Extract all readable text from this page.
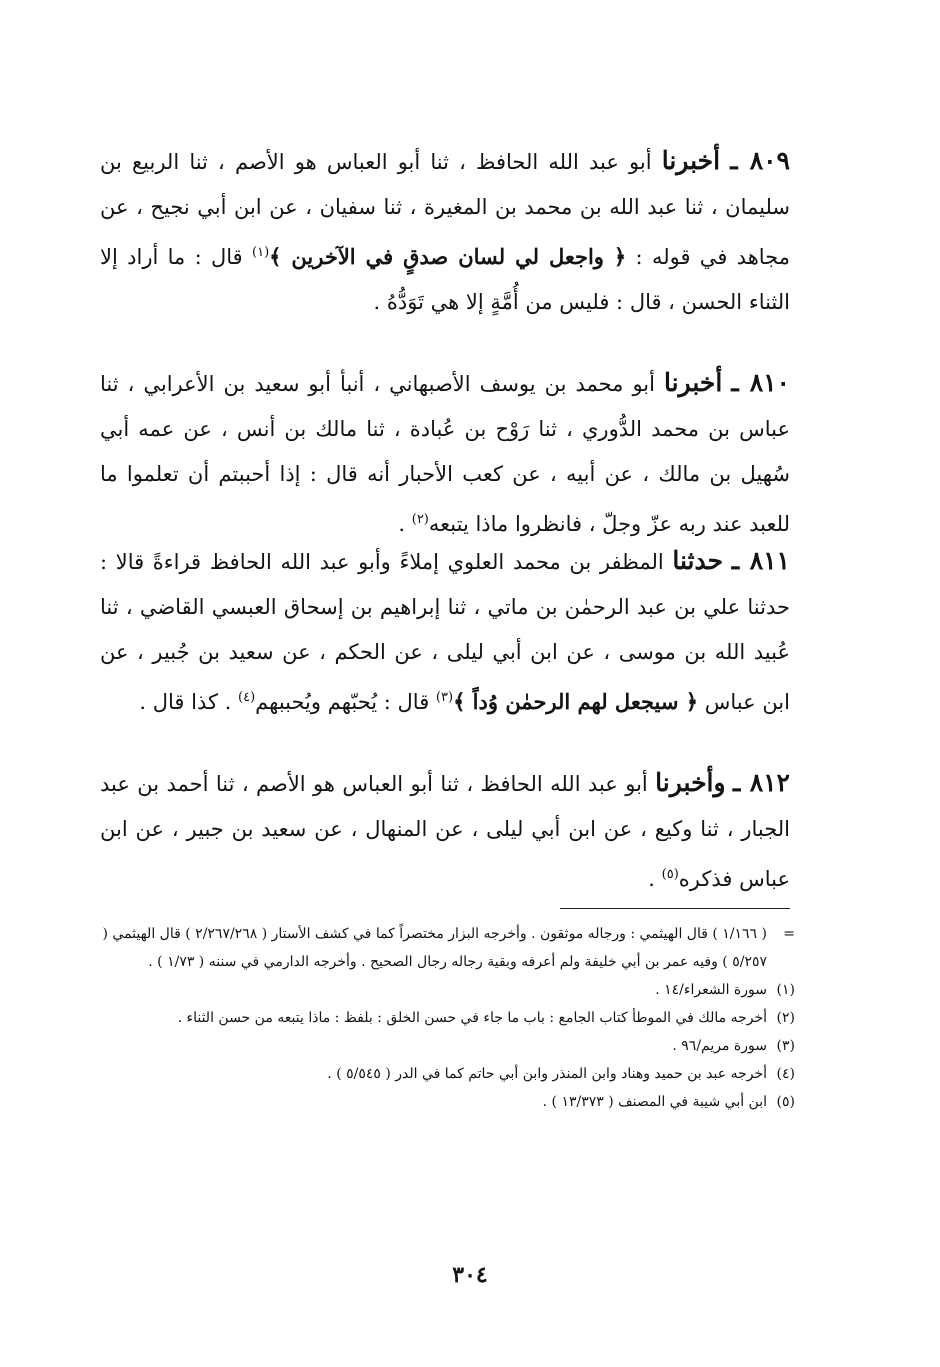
٨٠٩ ـ أخبرنا أبو عبد الله الحافظ ، ثنا أبو العباس هو الأصم ، ثنا الربيع بن سليمان ، ثنا عبد الله بن محمد بن المغيرة ، ثنا سفيان ، عن ابن أبي نجيح ، عن مجاهد في قوله : ﴿ واجعل لي لسان صدقٍ في الآخرين ﴾$^{(١)}$ قال : ما أراد إلا الثناء الحسن ، قال : فليس من أُمَّةٍ إلا هي تَوَدُّهُ .

٨١٠ ـ أخبرنا أبو محمد بن يوسف الأصبهاني ، أنبأ أبو سعيد بن الأعرابي ، ثنا عباس بن محمد الدُّوري ، ثنا رَوْح بن عُبادة ، ثنا مالك بن أنس ، عن عمه أبي سُهيل بن مالك ، عن أبيه ، عن كعب الأحبار أنه قال : إذا أحببتم أن تعلموا ما للعبد عند ربه عزّ وجلّ ، فانظروا ماذا يتبعه$^{(٢)}$ .

٨١١ ـ حدثنا المظفر بن محمد العلوي إملاءً وأبو عبد الله الحافظ قراءةً قالا : حدثنا علي بن عبد الرحمٰن بن ماتي ، ثنا إبراهيم بن إسحاق العبسي القاضي ، ثنا عُبيد الله بن موسى ، عن ابن أبي ليلى ، عن الحكم ، عن سعيد بن جُبير ، عن ابن عباس ﴿ سيجعل لهم الرحمٰن وُداً ﴾$^{(٣)}$ قال : يُحبّهم ويُحببهم$^{(٤)}$ . كذا قال .

٨١٢ ـ وأخبرنا أبو عبد الله الحافظ ، ثنا أبو العباس هو الأصم ، ثنا أحمد بن عبد الجبار ، ثنا وكيع ، عن ابن أبي ليلى ، عن المنهال ، عن سعيد بن جبير ، عن ابن عباس فذكره$^{(٥)}$ .

=
( ١/١٦٦ ) قال الهيثمي : ورجاله موثقون . وأخرجه البزار مختصراً كما في كشف الأستار ( ٢/٢٦٧/٢٦٨ ) قال الهيثمي ( ٥/٢٥٧ ) وفيه عمر بن أبي خليفة ولم أعرفه وبقية رجاله رجال الصحيح . وأخرجه الدارمي في سننه ( ١/٧٣ ) .
(١)
سورة الشعراء/١٤ .
(٢)
أخرجه مالك في الموطأ كتاب الجامع : باب ما جاء في حسن الخلق : بلفظ : ماذا يتبعه من حسن الثناء .
(٣)
سورة مريم/٩٦ .
(٤)
أخرجه عبد بن حميد وهناد وابن المنذر وابن أبي حاتم كما في الدر ( ٥/٥٤٥ ) .
(٥)
ابن أبي شيبة في المصنف ( ١٣/٣٧٣ ) .
٣٠٤
